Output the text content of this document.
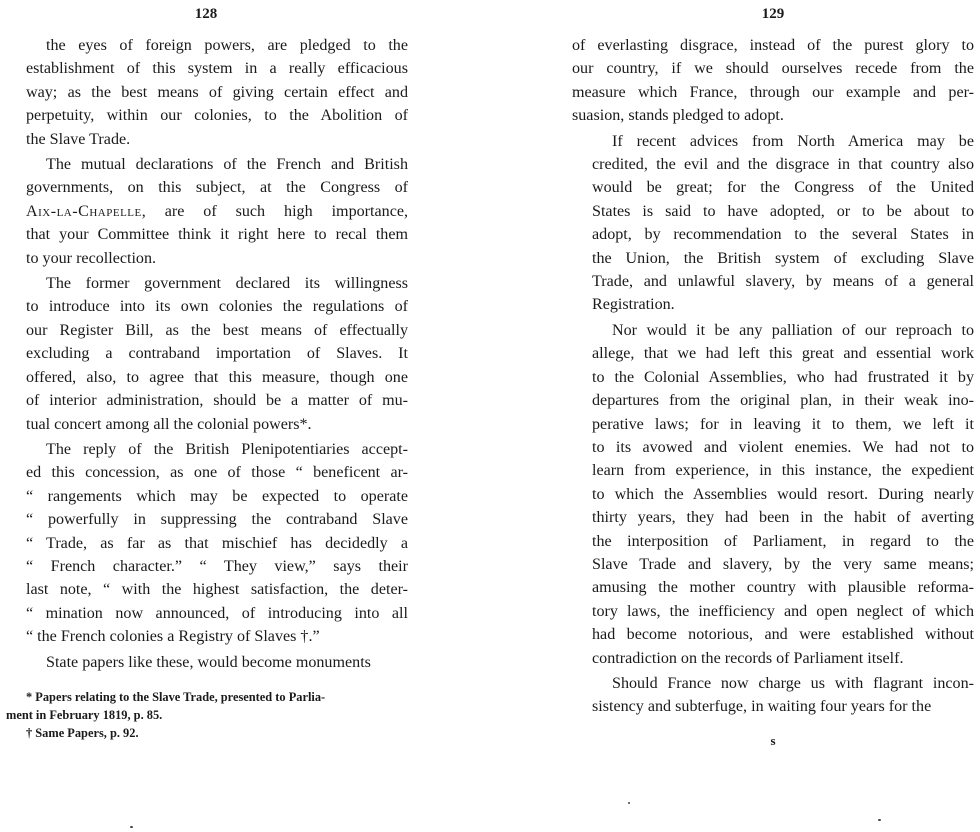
128
the eyes of foreign powers, are pledged to the
establishment of this system in a really efficacious
way; as the best means of giving certain effect and
perpetuity, within our colonies, to the Abolition of
the Slave Trade.
The mutual declarations of the French and British
governments, on this subject, at the Congress of
Aix-la-Chapelle, are of such high importance,
that your Committee think it right here to recal them
to your recollection.
The former government declared its willingness
to introduce into its own colonies the regulations of
our Register Bill, as the best means of effectually
excluding a contraband importation of Slaves. It
offered, also, to agree that this measure, though one
of interior administration, should be a matter of mu-
tual concert among all the colonial powers*.
The reply of the British Plenipotentiaries accept-
ed this concession, as one of those “ beneficent ar-
“ rangements which may be expected to operate
“ powerfully in suppressing the contraband Slave
“ Trade, as far as that mischief has decidedly a
“ French character.” “ They view,” says their
last note, “ with the highest satisfaction, the deter-
“ mination now announced, of introducing into all
“ the French colonies a Registry of Slaves †.”
State papers like these, would become monuments
* Papers relating to the Slave Trade, presented to Parlia-
ment in February 1819, p. 85.
† Same Papers, p. 92.
129
of everlasting disgrace, instead of the purest glory to
our country, if we should ourselves recede from the
measure which France, through our example and per-
suasion, stands pledged to adopt.
If recent advices from North America may be
credited, the evil and the disgrace in that country also
would be great; for the Congress of the United
States is said to have adopted, or to be about to
adopt, by recommendation to the several States in
the Union, the British system of excluding Slave
Trade, and unlawful slavery, by means of a general
Registration.
Nor would it be any palliation of our reproach to
allege, that we had left this great and essential work
to the Colonial Assemblies, who had frustrated it by
departures from the original plan, in their weak ino-
perative laws; for in leaving it to them, we left it
to its avowed and violent enemies. We had not to
learn from experience, in this instance, the expedient
to which the Assemblies would resort. During nearly
thirty years, they had been in the habit of averting
the interposition of Parliament, in regard to the
Slave Trade and slavery, by the very same means;
amusing the mother country with plausible reforma-
tory laws, the inefficiency and open neglect of which
had become notorious, and were established without
contradiction on the records of Parliament itself.
Should France now charge us with flagrant incon-
sistency and subterfuge, in waiting four years for the
s
